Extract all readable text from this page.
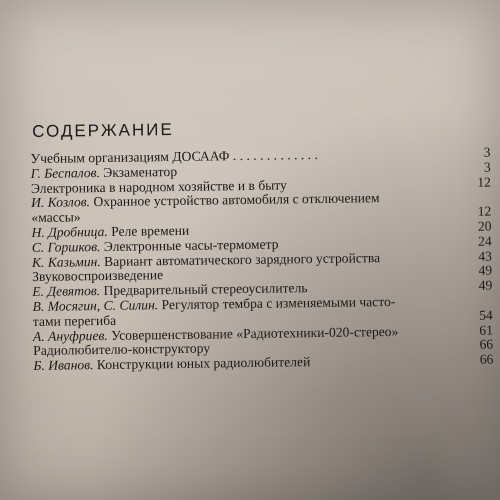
СОДЕРЖАНИЕ
Учебным организациям ДОСААФ . . . . . . . . . . . . .	3
Г. Беспалов. Экзаменатор	3
Электроника в народном хозяйстве и в быту	12
И. Козлов. Охранное устройство автомобиля с отключением
«массы»	12
Н. Дробница. Реле времени	20
С. Горшков. Электронные часы-термометр	24
К. Казьмин. Вариант автоматического зарядного устройства	43
Звуковоспроизведение	49
Е. Девятов. Предварительный стереоусилитель	49
В. Мосягин, С. Силин. Регулятор тембра с изменяемыми часто-
тами перегиба	54
А. Ануфриев. Усовершенствование «Радиотехники-020-стерео»	61
Радиолюбителю-конструктору	66
Б. Иванов. Конструкции юных радиолюбителей	66
